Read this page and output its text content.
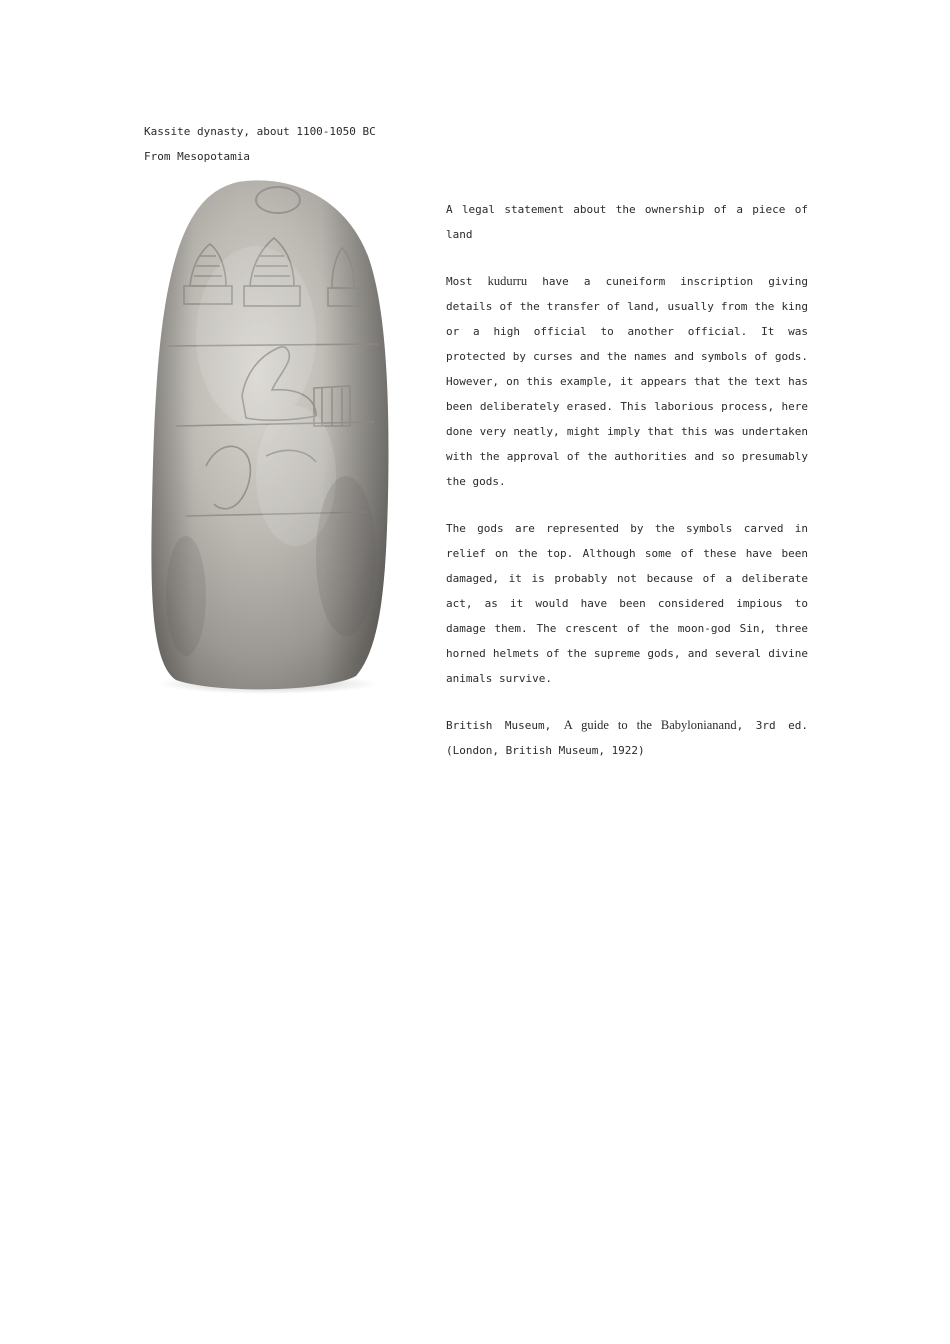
Kassite dynasty, about 1100-1050 BC
From Mesopotamia

A legal statement about the ownership of a piece of land

Most kudurru have a cuneiform inscription giving details of the transfer of land, usually from the king or a high official to another official. It was protected by curses and the names and symbols of gods. However, on this example, it appears that the text has been deliberately erased. This laborious process, here done very neatly, might imply that this was undertaken with the approval of the authorities and so presumably the gods.

The gods are represented by the symbols carved in relief on the top. Although some of these have been damaged, it is probably not because of a deliberate act, as it would have been considered impious to damage them. The crescent of the moon-god Sin, three horned helmets of the supreme gods, and several divine animals survive.

British Museum, A guide to the Babylonianand, 3rd ed. (London, British Museum, 1922)
